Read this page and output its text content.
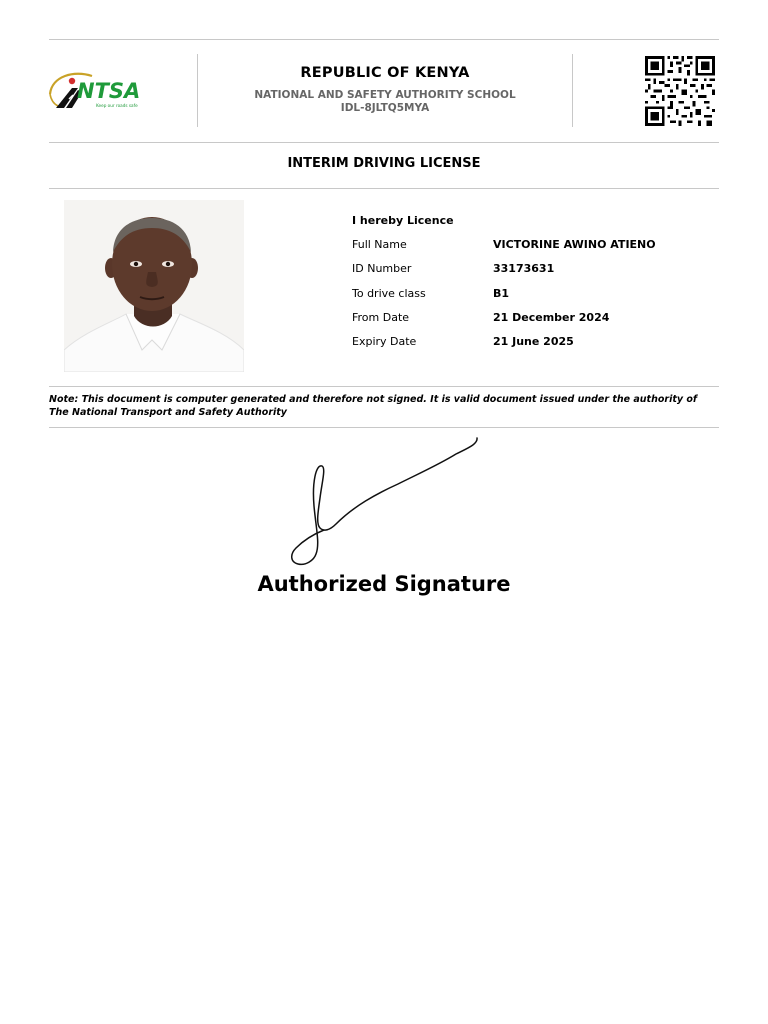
NTSA
Keep our roads safe
REPUBLIC OF KENYA
NATIONAL AND SAFETY AUTHORITY SCHOOL
IDL-8JLTQ5MYA
INTERIM DRIVING LICENSE
I hereby Licence
Full Name	VICTORINE AWINO ATIENO
ID Number	33173631
To drive class	B1
From Date	21 December 2024
Expiry Date	21 June 2025
Note: This document is computer generated and therefore not signed. It is valid document issued under the authority of The National Transport and Safety Authority
Authorized Signature
